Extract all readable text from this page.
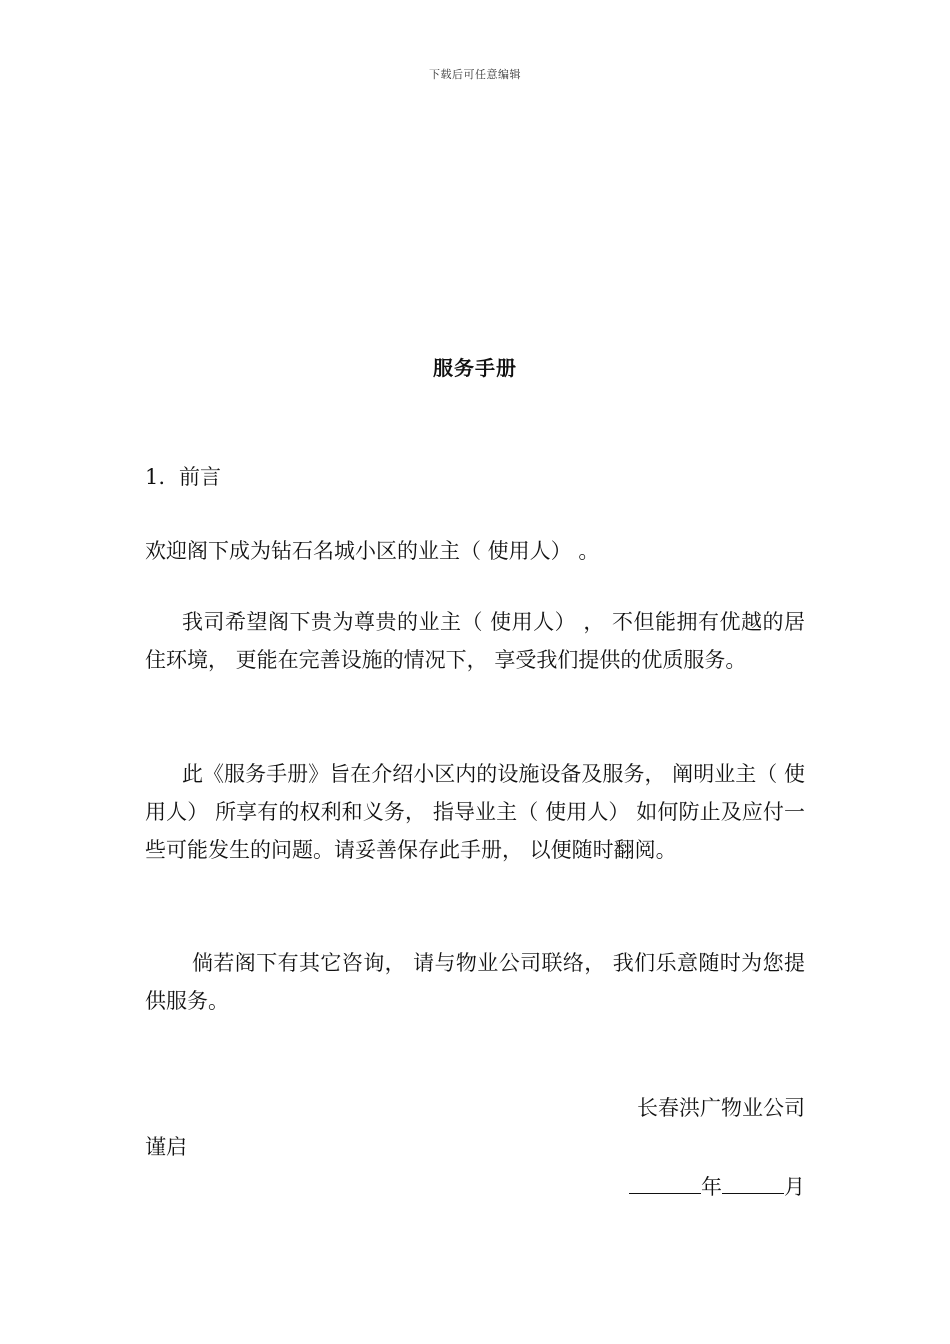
下载后可任意编辑
服务手册
1. 前言
欢迎阁下成为钻石名城小区的业主（ 使用人） 。
我司希望阁下贵为尊贵的业主（ 使用人） ， 不但能拥有优越的居住环境， 更能在完善设施的情况下， 享受我们提供的优质服务。
此《服务手册》旨在介绍小区内的设施设备及服务， 阐明业主（ 使用人） 所享有的权利和义务， 指导业主（ 使用人） 如何防止及应付一些可能发生的问题。请妥善保存此手册， 以便随时翻阅。
倘若阁下有其它咨询， 请与物业公司联络， 我们乐意随时为您提供服务。
长春洪广物业公司
谨启
年	月
